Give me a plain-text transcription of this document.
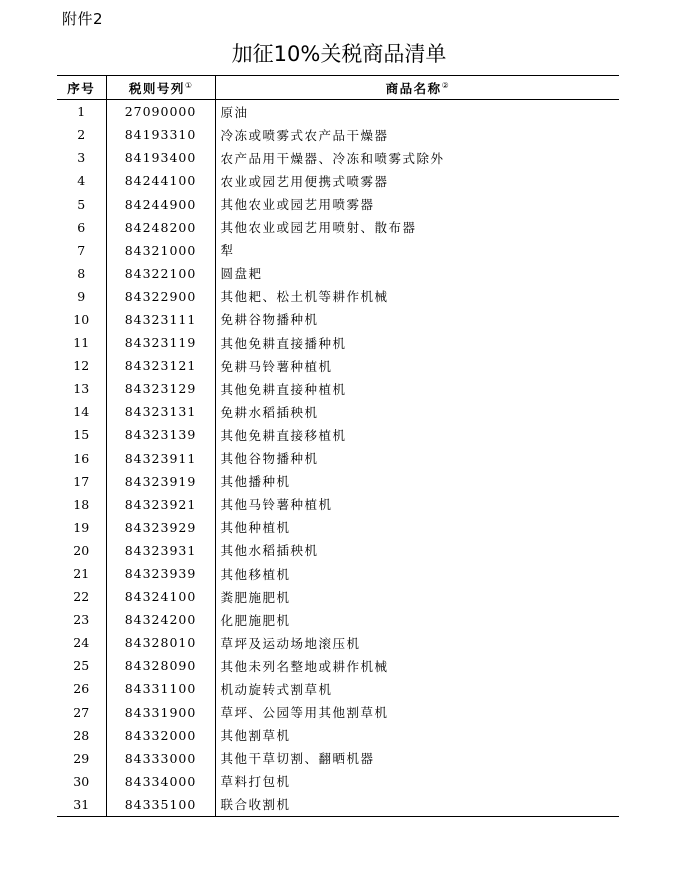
附件2
加征10%关税商品清单
序号	税则号列①	商品名称②
1	27090000	原油
2	84193310	冷冻或喷雾式农产品干燥器
3	84193400	农产品用干燥器、冷冻和喷雾式除外
4	84244100	农业或园艺用便携式喷雾器
5	84244900	其他农业或园艺用喷雾器
6	84248200	其他农业或园艺用喷射、散布器
7	84321000	犁
8	84322100	圆盘耙
9	84322900	其他耙、松土机等耕作机械
10	84323111	免耕谷物播种机
11	84323119	其他免耕直接播种机
12	84323121	免耕马铃薯种植机
13	84323129	其他免耕直接种植机
14	84323131	免耕水稻插秧机
15	84323139	其他免耕直接移植机
16	84323911	其他谷物播种机
17	84323919	其他播种机
18	84323921	其他马铃薯种植机
19	84323929	其他种植机
20	84323931	其他水稻插秧机
21	84323939	其他移植机
22	84324100	粪肥施肥机
23	84324200	化肥施肥机
24	84328010	草坪及运动场地滚压机
25	84328090	其他未列名整地或耕作机械
26	84331100	机动旋转式割草机
27	84331900	草坪、公园等用其他割草机
28	84332000	其他割草机
29	84333000	其他干草切割、翻晒机器
30	84334000	草料打包机
31	84335100	联合收割机
